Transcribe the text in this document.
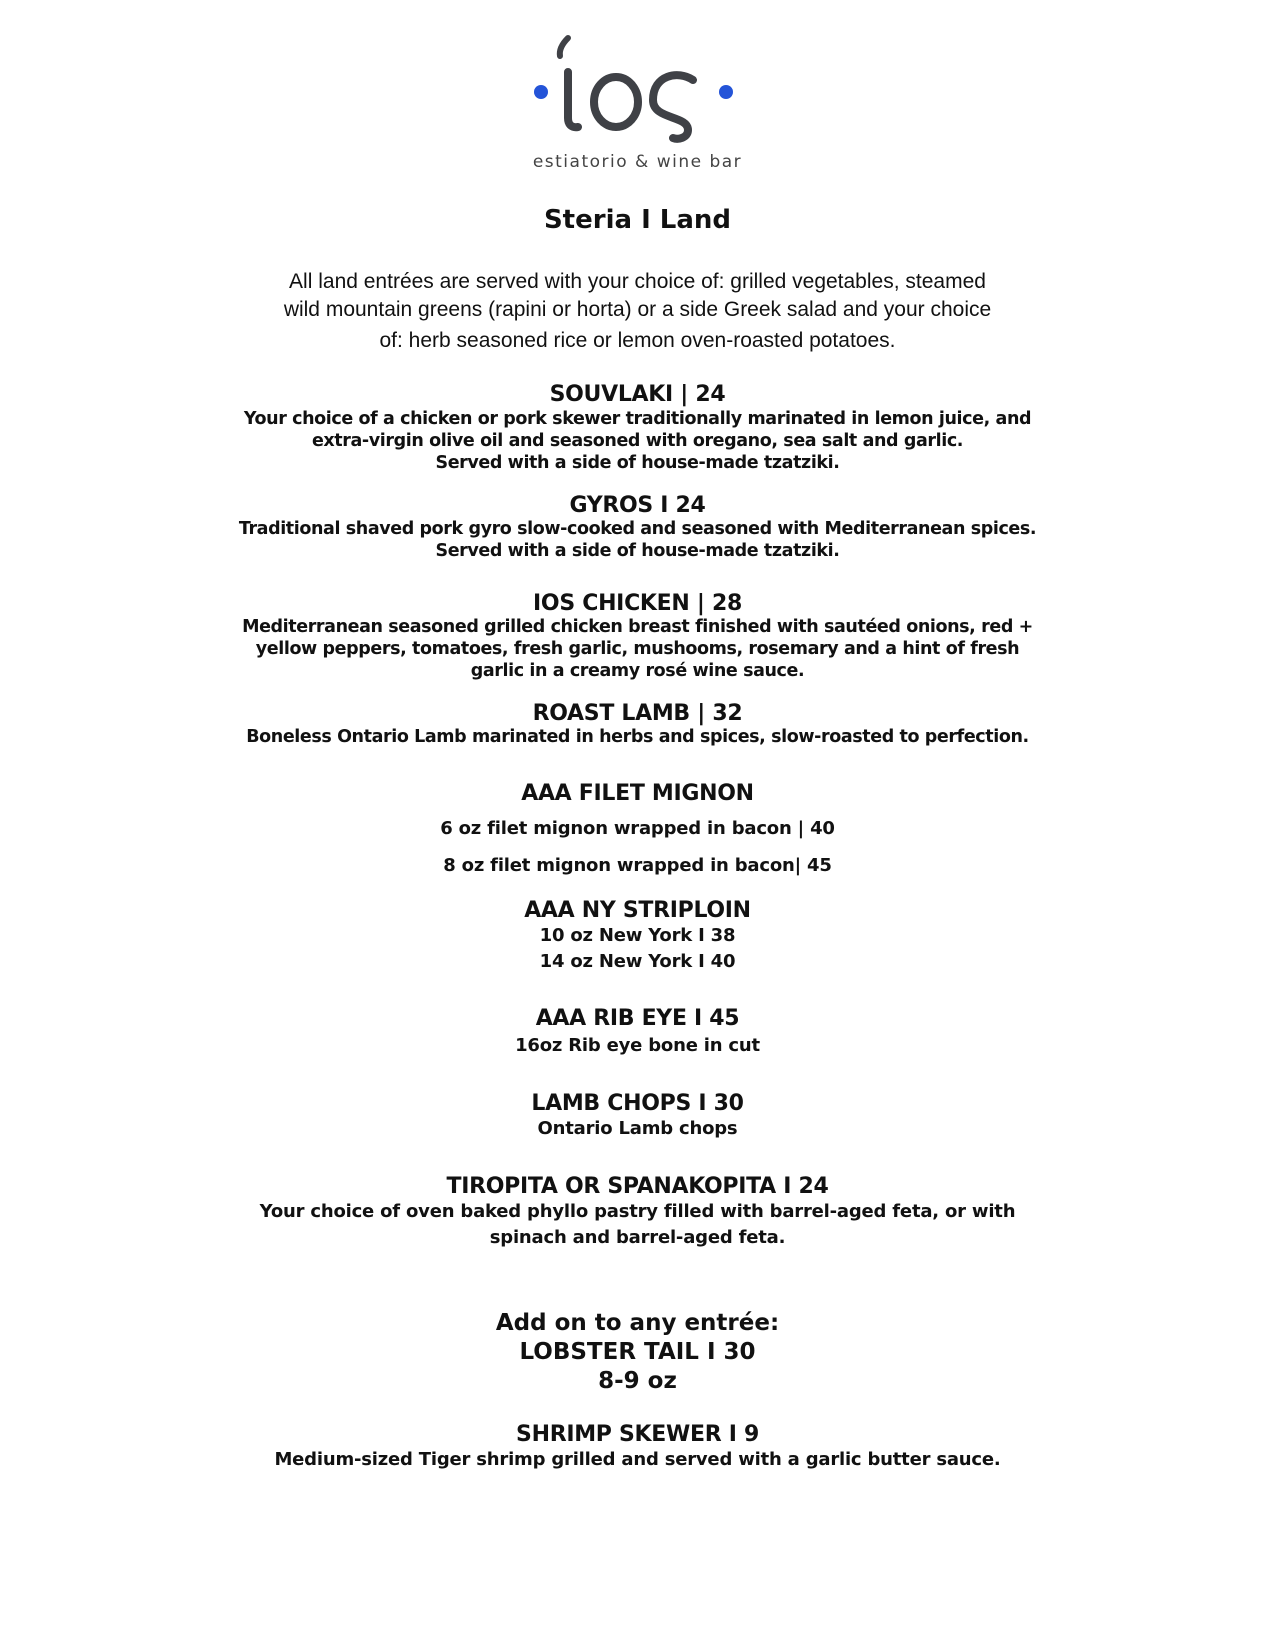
estiatorio & wine bar
Steria I Land
All land entrées are served with your choice of: grilled vegetables, steamed
wild mountain greens (rapini or horta) or a side Greek salad and your choice
of: herb seasoned rice or lemon oven-roasted potatoes.
SOUVLAKI | 24
Your choice of a chicken or pork skewer traditionally marinated in lemon juice, and
extra-virgin olive oil and seasoned with oregano, sea salt and garlic.
Served with a side of house-made tzatziki.
GYROS I 24
Traditional shaved pork gyro slow-cooked and seasoned with Mediterranean spices.
Served with a side of house-made tzatziki.
IOS CHICKEN | 28
Mediterranean seasoned grilled chicken breast finished with sautéed onions, red +
yellow peppers, tomatoes, fresh garlic, mushooms, rosemary and a hint of fresh
garlic in a creamy rosé wine sauce.
ROAST LAMB | 32
Boneless Ontario Lamb marinated in herbs and spices, slow-roasted to perfection.
AAA FILET MIGNON
6 oz filet mignon wrapped in bacon | 40
8 oz filet mignon wrapped in bacon| 45
AAA NY STRIPLOIN
10 oz New York I 38
14 oz New York I 40
AAA RIB EYE I 45
16oz Rib eye bone in cut
LAMB CHOPS I 30
Ontario Lamb chops
TIROPITA OR SPANAKOPITA I 24
Your choice of oven baked phyllo pastry filled with barrel-aged feta, or with
spinach and barrel-aged feta.
Add on to any entrée:
LOBSTER TAIL I 30
8-9 oz
SHRIMP SKEWER I 9
Medium-sized Tiger shrimp grilled and served with a garlic butter sauce.
